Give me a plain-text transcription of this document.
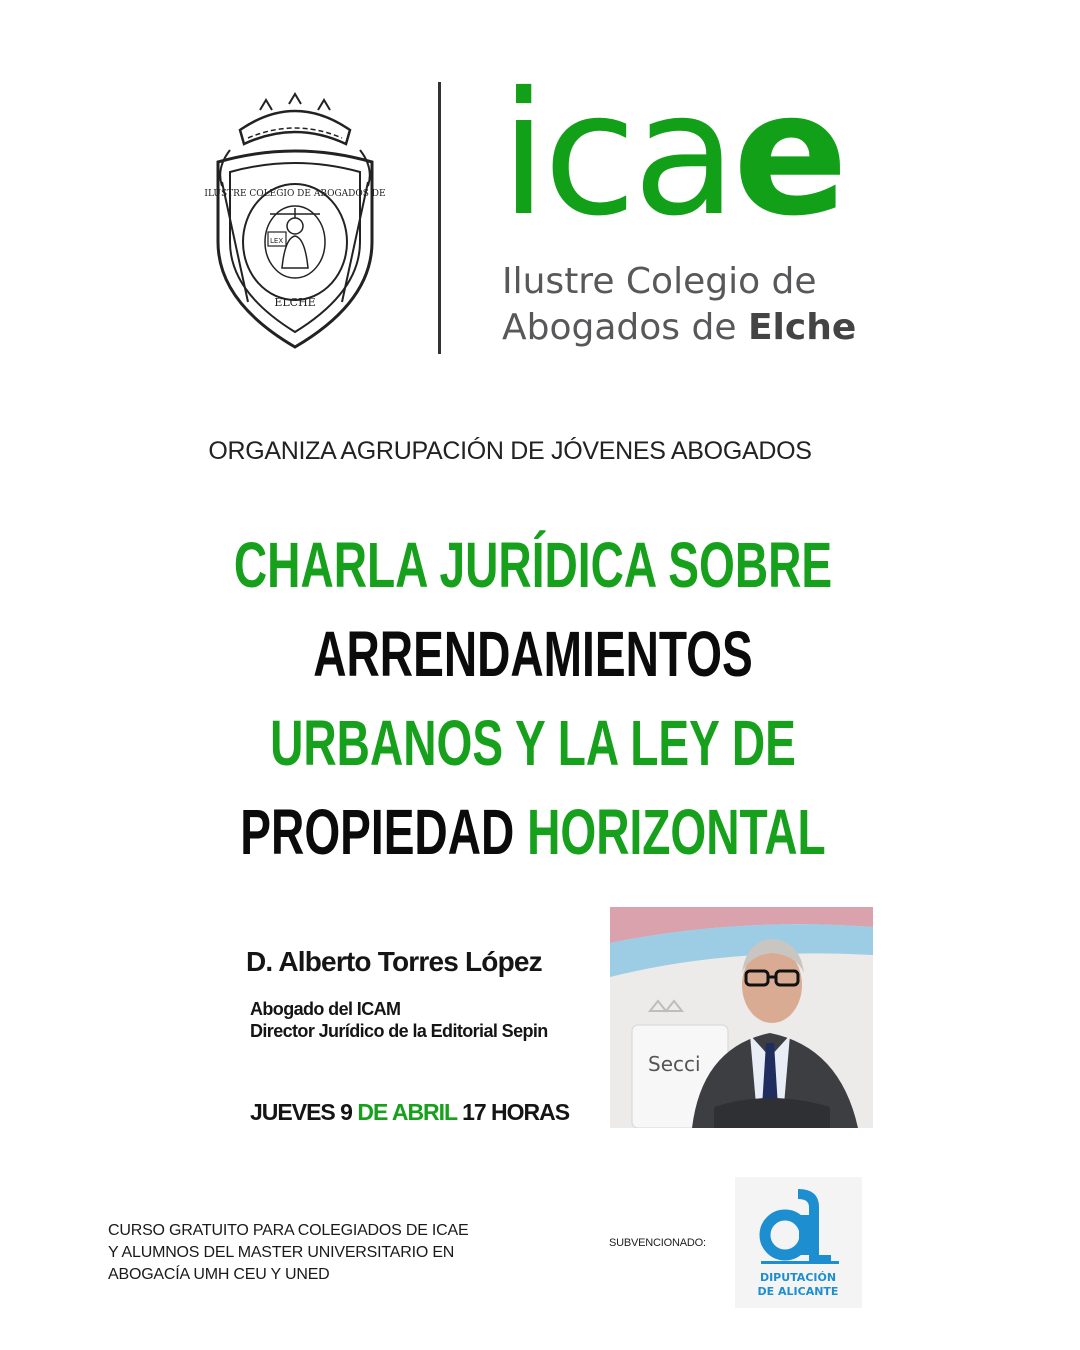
LEX
ILUSTRE COLEGIO DE ABOGADOS DE
ELCHE
icae
Ilustre Colegio de
Abogados de Elche
ORGANIZA AGRUPACIÓN DE JÓVENES ABOGADOS
CHARLA JURÍDICA SOBRE
ARRENDAMIENTOS
URBANOS Y LA LEY DE
PROPIEDAD HORIZONTAL
D. Alberto Torres López
Abogado del ICAM
Director Jurídico de la Editorial Sepin
JUEVES 9 DE ABRIL 17 HORAS
Secci
CURSO GRATUITO PARA COLEGIADOS DE ICAE
Y ALUMNOS DEL MASTER UNIVERSITARIO EN
ABOGACÍA UMH CEU Y UNED
SUBVENCIONADO:
DIPUTACIÓN
DE ALICANTE
